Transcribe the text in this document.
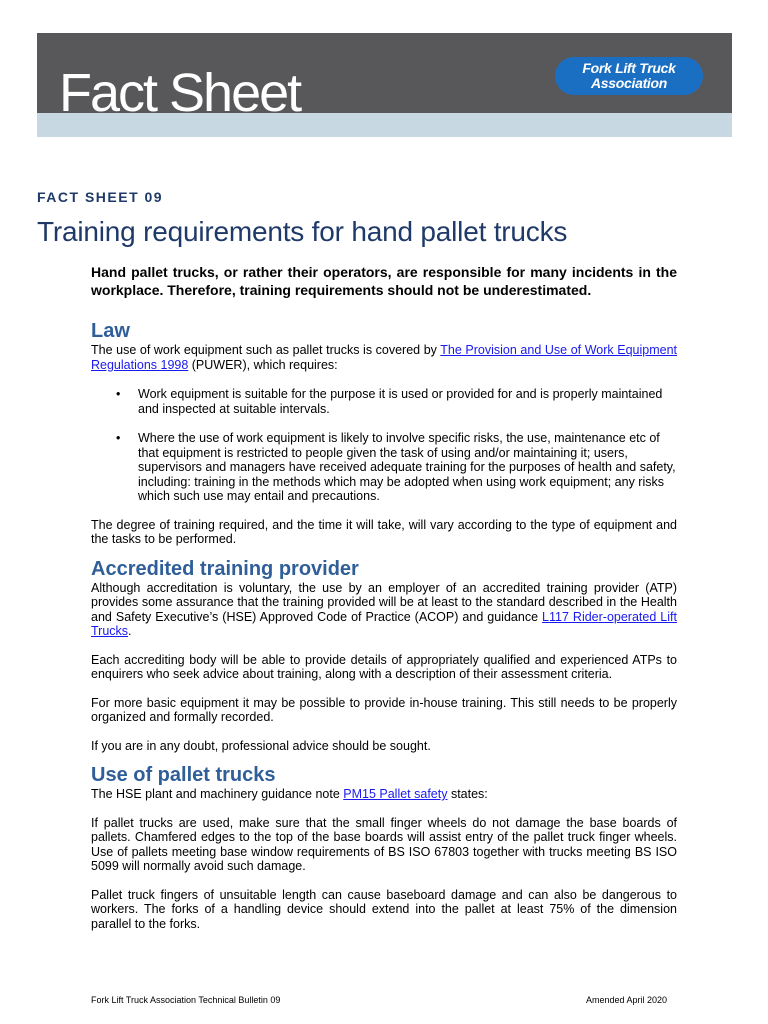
Fact Sheet	Fork Lift Truck
Association
FACT SHEET 09
Training requirements for hand pallet trucks

Hand pallet trucks, or rather their operators, are responsible for many incidents in the workplace. Therefore, training requirements should not be underestimated.

Law

The use of work equipment such as pallet trucks is covered by The Provision and Use of Work Equipment Regulations 1998 (PUWER), which requires:

• Work equipment is suitable for the purpose it is used or provided for and is properly maintained and inspected at suitable intervals.
• Where the use of work equipment is likely to involve specific risks, the use, maintenance etc of that equipment is restricted to people given the task of using and/or maintaining it; users, supervisors and managers have received adequate training for the purposes of health and safety, including: training in the methods which may be adopted when using work equipment; any risks which such use may entail and precautions.

The degree of training required, and the time it will take, will vary according to the type of equipment and the tasks to be performed.

Accredited training provider

Although accreditation is voluntary, the use by an employer of an accredited training provider (ATP) provides some assurance that the training provided will be at least to the standard described in the Health and Safety Executive’s (HSE) Approved Code of Practice (ACOP) and guidance L117 Rider-operated Lift Trucks.

Each accrediting body will be able to provide details of appropriately qualified and experienced ATPs to enquirers who seek advice about training, along with a description of their assessment criteria.

For more basic equipment it may be possible to provide in-house training. This still needs to be properly organized and formally recorded.

If you are in any doubt, professional advice should be sought.

Use of pallet trucks

The HSE plant and machinery guidance note PM15 Pallet safety states:

If pallet trucks are used, make sure that the small finger wheels do not damage the base boards of pallets. Chamfered edges to the top of the base boards will assist entry of the pallet truck finger wheels. Use of pallets meeting base window requirements of BS ISO 67803 together with trucks meeting BS ISO 5099 will normally avoid such damage.

Pallet truck fingers of unsuitable length can cause baseboard damage and can also be dangerous to workers. The forks of a handling device should extend into the pallet at least 75% of the dimension parallel to the forks.

Fork Lift Truck Association Technical Bulletin 09	Amended April 2020
